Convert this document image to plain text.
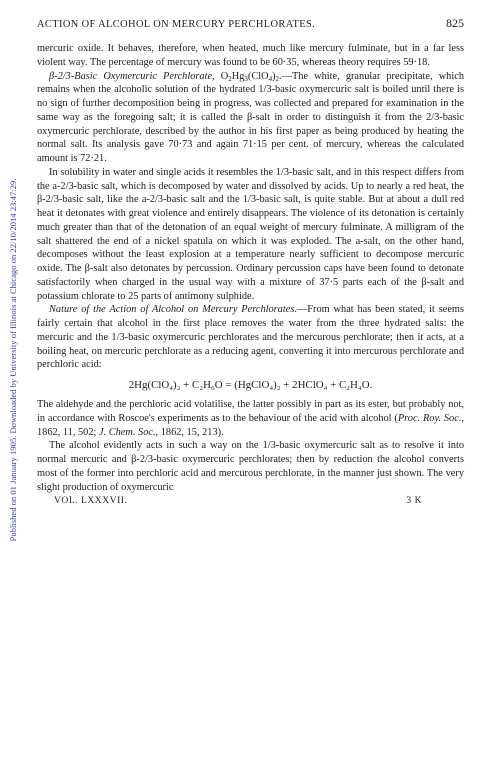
Published on 01 January 1905. Downloaded by University of Illinois at Chicago on 22/10/2014 23:47:29.
ACTION OF ALCOHOL ON MERCURY PERCHLORATES.	825

mercuric oxide. It behaves, therefore, when heated, much like mercury fulminate, but in a far less violent way. The percentage of mercury was found to be 60·35, whereas theory requires 59·18.

β-2/3-Basic Oxymercuric Perchlorate, $O_2Hg_3(ClO_4)_2.—The$ white, granular precipitate, which remains when the alcoholic solution of the hydrated 1/3-basic oxymercuric salt is boiled until there is no sign of further decomposition being in progress, was collected and prepared for examination in the same way as the foregoing salt; it is called the β-salt in order to distinguish it from the 2/3-basic oxymercuric perchlorate, described by the author in his first paper as being produced by heating the normal salt. Its analysis gave 70·73 and again 71·15 per cent. of mercury, whereas the calculated amount is 72·21.

In solubility in water and single acids it resembles the 1/3-basic salt, and in this respect differs from the a-2/3-basic salt, which is decomposed by water and dissolved by acids. Up to nearly a red heat, the β-2/3-basic salt, like the a-2/3-basic salt and the 1/3-basic salt, is quite stable. But at about a dull red heat it detonates with great violence and entirely disappears. The violence of its detonation is certainly much greater than that of the detonation of an equal weight of mercury fulminate. A milligram of the salt shattered the end of a nickel spatula on which it was exploded. The a-salt, on the other hand, decomposes without the least explosion at a temperature nearly sufficient to decompose mercuric oxide. The β-salt also detonates by percussion. Ordinary percussion caps have been found to detonate satisfactorily when charged in the usual way with a mixture of 37·5 parts each of the β-salt and potassium chlorate to 25 parts of antimony sulphide.

Nature of the Action of Alcohol on Mercury Perchlorates.—From what has been stated, it seems fairly certain that alcohol in the first place removes the water from the three hydrated salts: the mercuric and the 1/3-basic oxymercuric perchlorates and the mercurous perchlorate; then it acts, at a boiling heat, on mercuric perchlorate as a reducing agent, converting it into mercurous perchlorate and perchloric acid:

2Hg(ClO₄)₂ + C₂H₆O = (HgClO₄)₂ + 2HClO₄ + C₂H₄O.

The aldehyde and the perchloric acid volatilise, the latter possibly in part as its ester, but probably not, in accordance with Roscoe's experiments as to the behaviour of the acid with alcohol (Proc. Roy. Soc., 1862, 11, 502; J. Chem. Soc., 1862, 15, 213).

The alcohol evidently acts in such a way on the 1/3-basic oxymercuric salt as to resolve it into normal mercuric and β-2/3-basic oxymercuric perchlorates; then by reduction the alcohol converts most of the former into perchloric acid and mercurous perchlorate, in the manner just shown. The very slight production of oxymercuric

VOL. LXXXVII.	3 K
